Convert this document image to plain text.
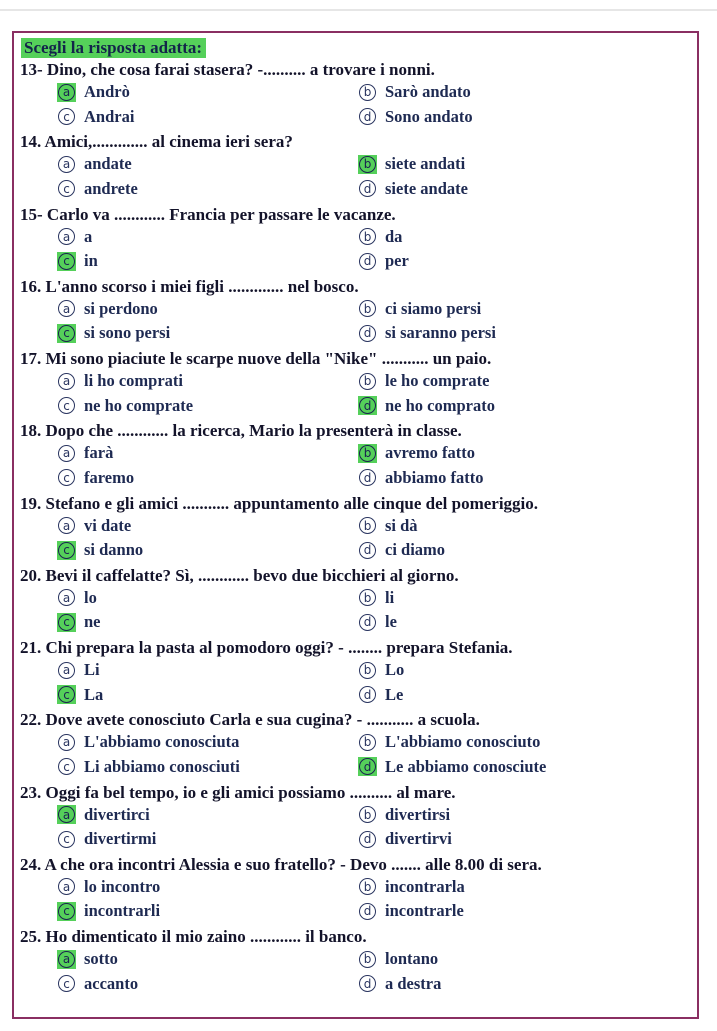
Scegli la risposta adatta:
13- Dino, che cosa farai stasera? -.......... a trovare i nonni.
a Andrò	b Sarò andato
c Andrai	d Sono andato
14. Amici,............. al cinema ieri sera?
a andate	b siete andati
c andrete	d siete andate
15- Carlo va ............ Francia per passare le vacanze.
a a	b da
c in	d per
16. L'anno scorso i miei figli ............. nel bosco.
a si perdono	b ci siamo persi
c si sono persi	d si saranno persi
17. Mi sono piaciute le scarpe nuove della "Nike" ........... un paio.
a li ho comprati	b le ho comprate
c ne ho comprate	d ne ho comprato
18. Dopo che ............ la ricerca, Mario la presenterà in classe.
a farà	b avremo fatto
c faremo	d abbiamo fatto
19. Stefano e gli amici ........... appuntamento alle cinque del pomeriggio.
a vi date	b si dà
c si danno	d ci diamo
20. Bevi il caffelatte? Sì, ............ bevo due bicchieri al giorno.
a lo	b li
c ne	d le
21. Chi prepara la pasta al pomodoro oggi? - ........ prepara Stefania.
a Li	b Lo
c La	d Le
22. Dove avete conosciuto Carla e sua cugina? - ........... a scuola.
a L'abbiamo conosciuta	b L'abbiamo conosciuto
c Li abbiamo conosciuti	d Le abbiamo conosciute
23. Oggi fa bel tempo, io e gli amici possiamo .......... al mare.
a divertirci	b divertirsi
c divertirmi	d divertirvi
24. A che ora incontri Alessia e suo fratello? - Devo ....... alle 8.00 di sera.
a lo incontro	b incontrarla
c incontrarli	d incontrarle
25. Ho dimenticato il mio zaino ............ il banco.
a sotto	b lontano
c accanto	d a destra
